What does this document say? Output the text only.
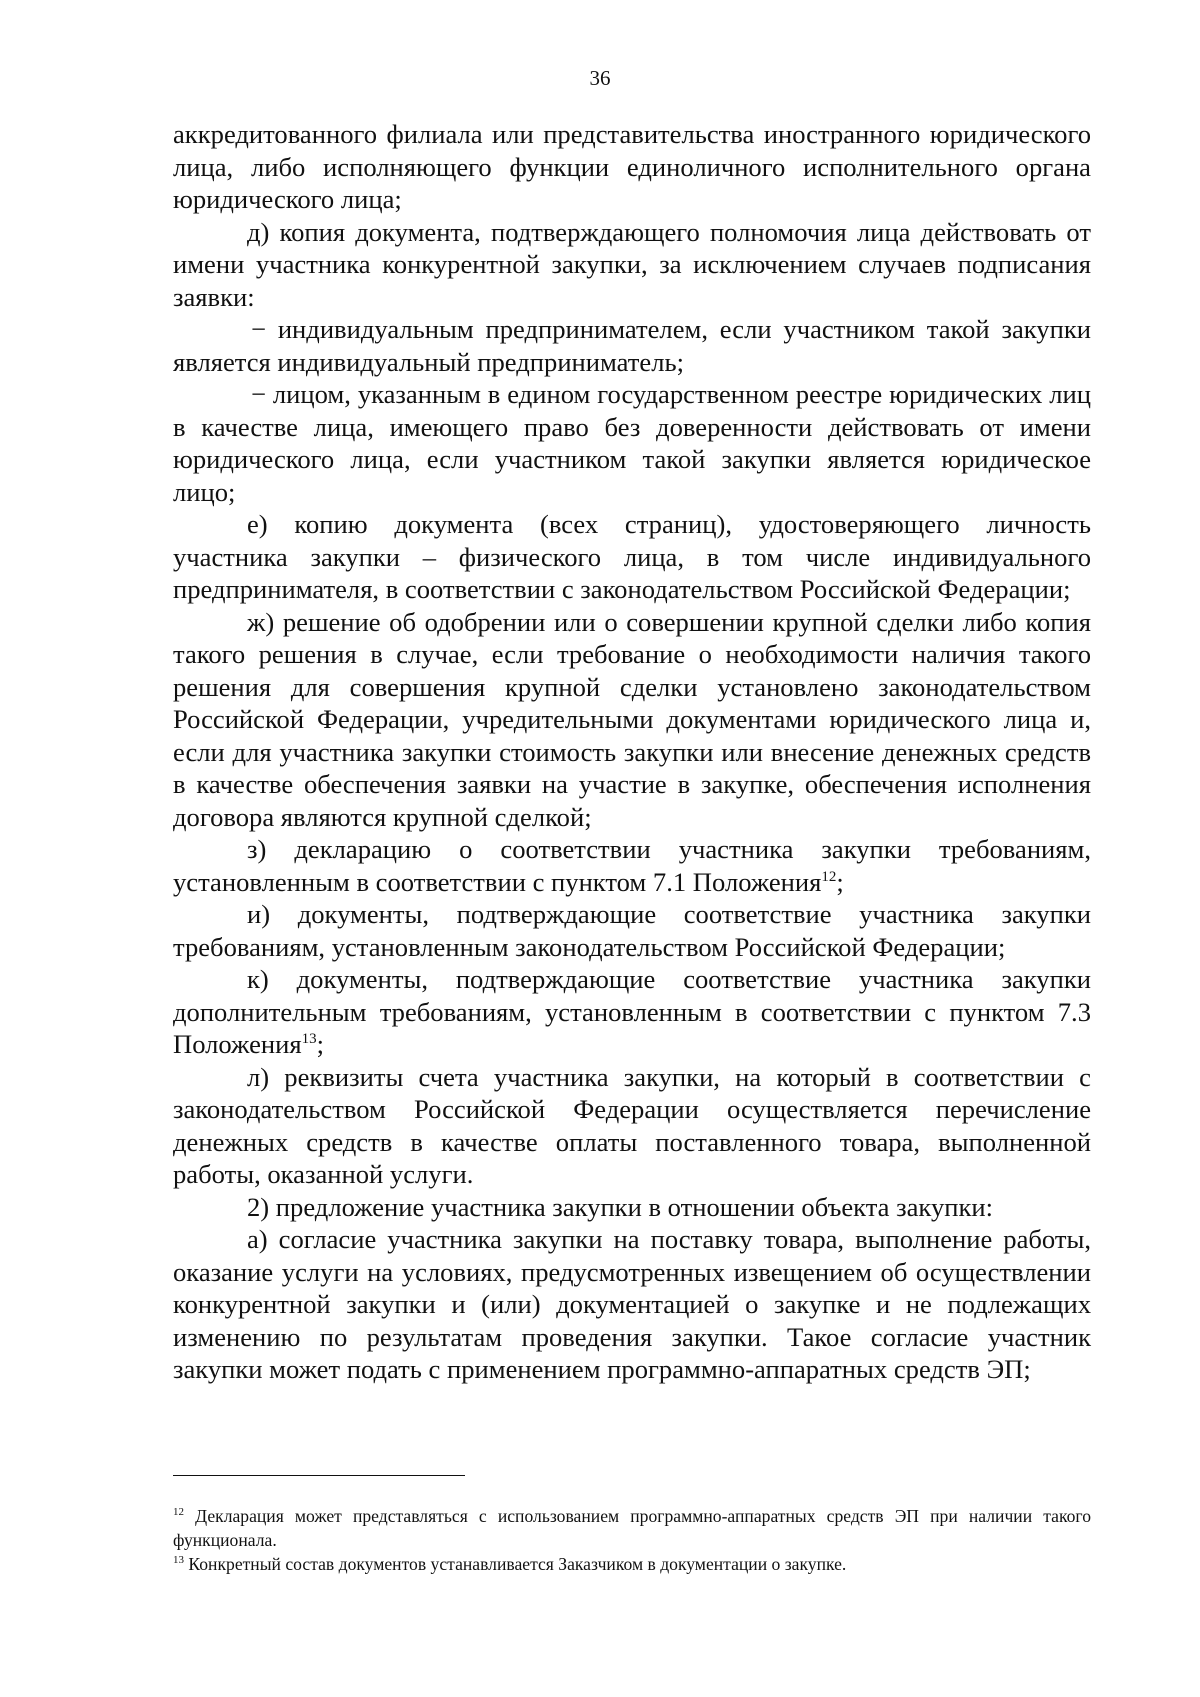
36

аккредитованного филиала или представительства иностранного юридического лица, либо исполняющего функции единоличного исполнительного органа юридического лица;

д) копия документа, подтверждающего полномочия лица действовать от имени участника конкурентной закупки, за исключением случаев подписания заявки:

− индивидуальным предпринимателем, если участником такой закупки является индивидуальный предприниматель;

− лицом, указанным в едином государственном реестре юридических лиц в качестве лица, имеющего право без доверенности действовать от имени юридического лица, если участником такой закупки является юридическое лицо;

е) копию документа (всех страниц), удостоверяющего личность участника закупки – физического лица, в том числе индивидуального предпринимателя, в соответствии с законодательством Российской Федерации;

ж) решение об одобрении или о совершении крупной сделки либо копия такого решения в случае, если требование о необходимости наличия такого решения для совершения крупной сделки установлено законодательством Российской Федерации, учредительными документами юридического лица и, если для участника закупки стоимость закупки или внесение денежных средств в качестве обеспечения заявки на участие в закупке, обеспечения исполнения договора являются крупной сделкой;

з) декларацию о соответствии участника закупки требованиям, установленным в соответствии с пунктом 7.1 Положения$^{12}$;

и) документы, подтверждающие соответствие участника закупки требованиям, установленным законодательством Российской Федерации;

к) документы, подтверждающие соответствие участника закупки дополнительным требованиям, установленным в соответствии с пунктом 7.3 Положения$^{13}$;

л) реквизиты счета участника закупки, на который в соответствии с законодательством Российской Федерации осуществляется перечисление денежных средств в качестве оплаты поставленного товара, выполненной работы, оказанной услуги.

2) предложение участника закупки в отношении объекта закупки:

а) согласие участника закупки на поставку товара, выполнение работы, оказание услуги на условиях, предусмотренных извещением об осуществлении конкурентной закупки и (или) документацией о закупке и не подлежащих изменению по результатам проведения закупки. Такое согласие участник закупки может подать с применением программно-аппаратных средств ЭП;

$^{12}$ Декларация может представляться с использованием программно-аппаратных средств ЭП при наличии такого функционала.

$^{13}$ Конкретный состав документов устанавливается Заказчиком в документации о закупке.
